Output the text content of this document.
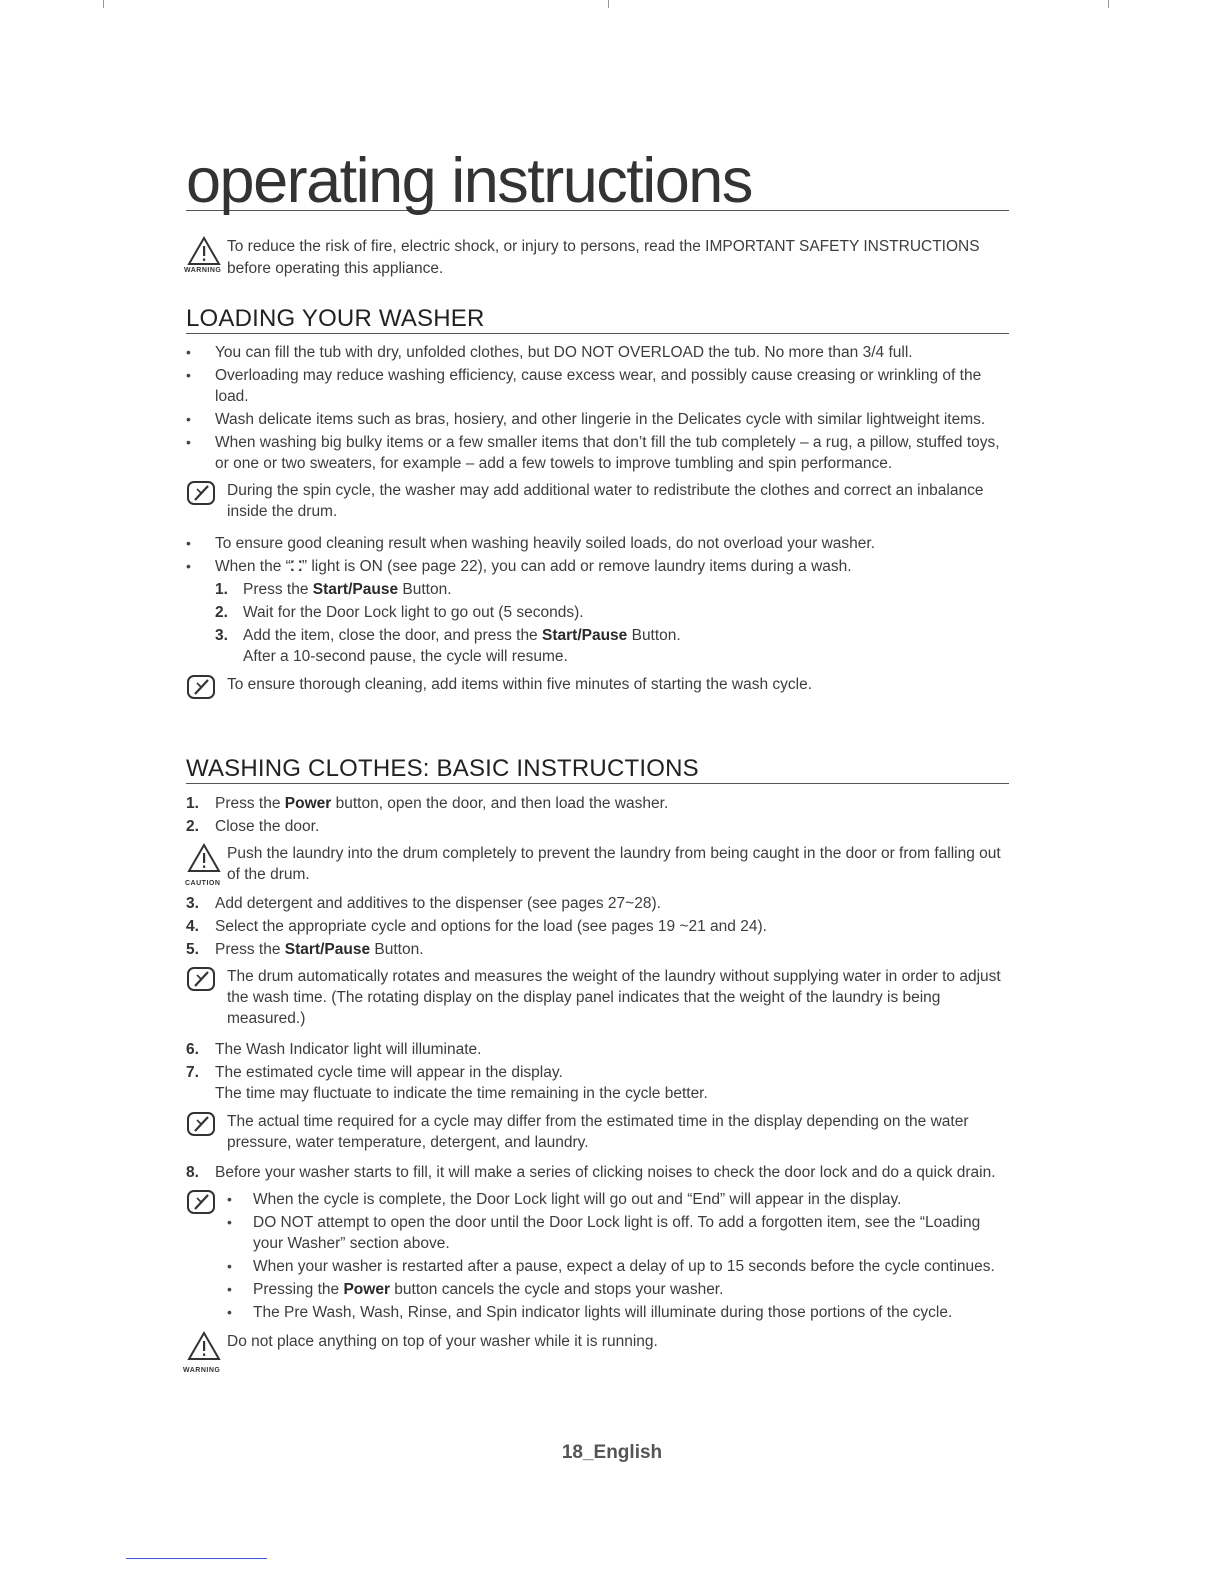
operating instructions
WARNING
To reduce the risk of fire, electric shock, or injury to persons, read the IMPORTANT SAFETY INSTRUCTIONS before operating this appliance.
LOADING YOUR WASHER
• You can fill the tub with dry, unfolded clothes, but DO NOT OVERLOAD the tub. No more than 3/4 full.
• Overloading may reduce washing efficiency, cause excess wear, and possibly cause creasing or wrinkling of the load.
• Wash delicate items such as bras, hosiery, and other lingerie in the Delicates cycle with similar lightweight items.
• When washing big bulky items or a few smaller items that don’t fill the tub completely – a rug, a pillow, stuffed toys, or one or two sweaters, for example – add a few towels to improve tumbling and spin performance.
During the spin cycle, the washer may add additional water to redistribute the clothes and correct an inbalance inside the drum.
• To ensure good cleaning result when washing heavily soiled loads, do not overload your washer.
• When the “⛚” light is ON (see page 22), you can add or remove laundry items during a wash.
1. Press the Start/Pause Button.
2. Wait for the Door Lock light to go out (5 seconds).
3. Add the item, close the door, and press the Start/Pause Button.
After a 10-second pause, the cycle will resume.
To ensure thorough cleaning, add items within five minutes of starting the wash cycle.
WASHING CLOTHES: BASIC INSTRUCTIONS
1. Press the Power button, open the door, and then load the washer.
2. Close the door.
CAUTION
Push the laundry into the drum completely to prevent the laundry from being caught in the door or from falling out of the drum.
3. Add detergent and additives to the dispenser (see pages 27~28).
4. Select the appropriate cycle and options for the load (see pages 19 ~21 and 24).
5. Press the Start/Pause Button.
The drum automatically rotates and measures the weight of the laundry without supplying water in order to adjust the wash time. (The rotating display on the display panel indicates that the weight of the laundry is being measured.)
6. The Wash Indicator light will illuminate.
7. The estimated cycle time will appear in the display.
The time may fluctuate to indicate the time remaining in the cycle better.
The actual time required for a cycle may differ from the estimated time in the display depending on the water pressure, water temperature, detergent, and laundry.
8. Before your washer starts to fill, it will make a series of clicking noises to check the door lock and do a quick drain.
• When the cycle is complete, the Door Lock light will go out and “End” will appear in the display.
• DO NOT attempt to open the door until the Door Lock light is off. To add a forgotten item, see the “Loading your Washer” section above.
• When your washer is restarted after a pause, expect a delay of up to 15 seconds before the cycle continues.
• Pressing the Power button cancels the cycle and stops your washer.
• The Pre Wash, Wash, Rinse, and Spin indicator lights will illuminate during those portions of the cycle.
WARNING
Do not place anything on top of your washer while it is running.
18_English
